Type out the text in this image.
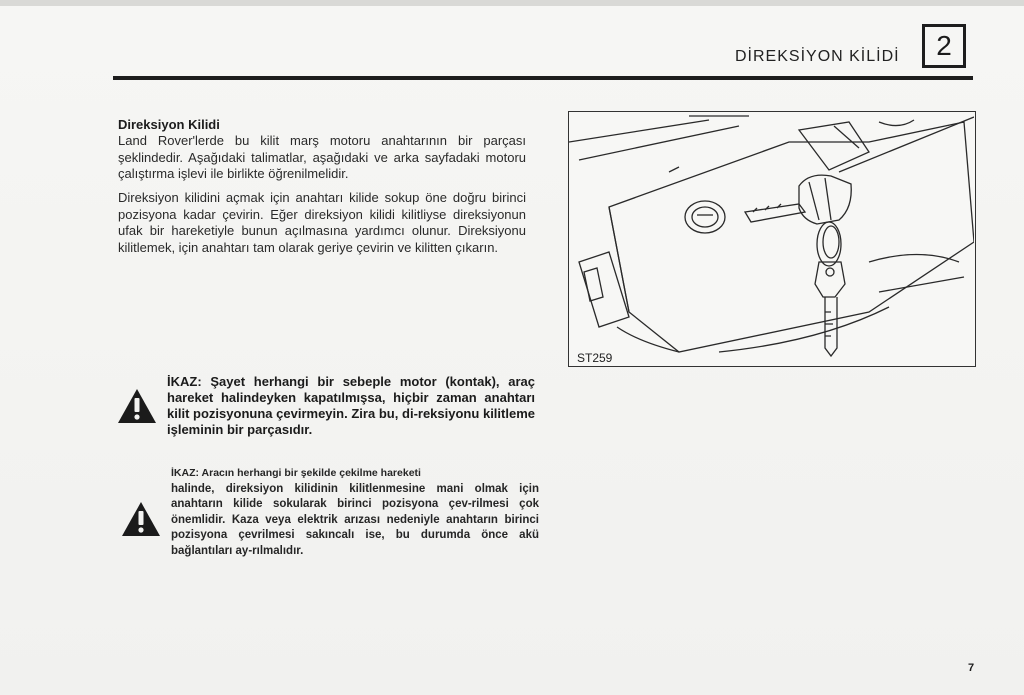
DİREKSİYON KİLİDİ	2
Direksiyon Kilidi
Land Rover'lerde bu kilit marş motoru anahtarının bir parçası şeklindedir. Aşağıdaki talimatlar, aşağıdaki ve arka sayfadaki motoru çalıştırma işlevi ile birlikte öğrenilmelidir.
Direksiyon kilidini açmak için anahtarı kilide sokup öne doğru birinci pozisyona kadar çevirin. Eğer direksiyon kilidi kilitliyse direksiyonun ufak bir hareketiyle bunun açılmasına yardımcı olunur. Direksiyonu kilitlemek, için anahtarı tam olarak geriye çevirin ve kilitten çıkarın.
ST259
İKAZ: Şayet herhangi bir sebeple motor (kontak), araç hareket halindeyken kapatılmışsa, hiçbir zaman anahtarı kilit pozisyonuna çevirmeyin. Zira bu, di-reksiyonu kilitleme işleminin bir parçasıdır.
İKAZ: Aracın herhangi bir şekilde çekilme hareketi
halinde, direksiyon kilidinin kilitlenmesine mani olmak için anahtarın kilide sokularak birinci pozisyona çev-rilmesi çok önemlidir. Kaza veya elektrik arızası nedeniyle anahtarın birinci pozisyona çevrilmesi sakıncalı ise, bu durumda önce akü bağlantıları ay-rılmalıdır.
7
